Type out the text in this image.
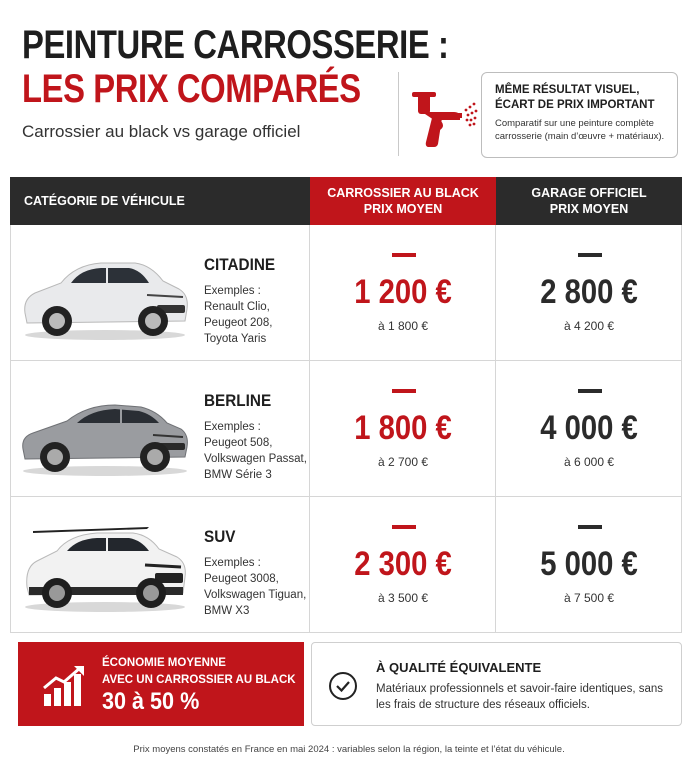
PEINTURE CARROSSERIE :
LES PRIX COMPARÉS
Carrossier au black vs garage officiel
MÊME RÉSULTAT VISUEL,
ÉCART DE PRIX IMPORTANT
Comparatif sur une peinture complète carrosserie (main d’œuvre + matériaux).
CATÉGORIE DE VÉHICULE
CARROSSIER AU BLACK
PRIX MOYEN
GARAGE OFFICIEL
PRIX MOYEN
CITADINE
Exemples :
Renault Clio,
Peugeot 208,
Toyota Yaris
1 200 €
à 1 800 €
2 800 €
à 4 200 €
BERLINE
Exemples :
Peugeot 508,
Volkswagen Passat,
BMW Série 3
1 800 €
à 2 700 €
4 000 €
à 6 000 €
SUV
Exemples :
Peugeot 3008,
Volkswagen Tiguan,
BMW X3
2 300 €
à 3 500 €
5 000 €
à 7 500 €
ÉCONOMIE MOYENNE
AVEC UN CARROSSIER AU BLACK
30 à 50 %
À QUALITÉ ÉQUIVALENTE
Matériaux professionnels et savoir-faire identiques, sans les frais de structure des réseaux officiels.
Prix moyens constatés en France en mai 2024 : variables selon la région, la teinte et l’état du véhicule.
